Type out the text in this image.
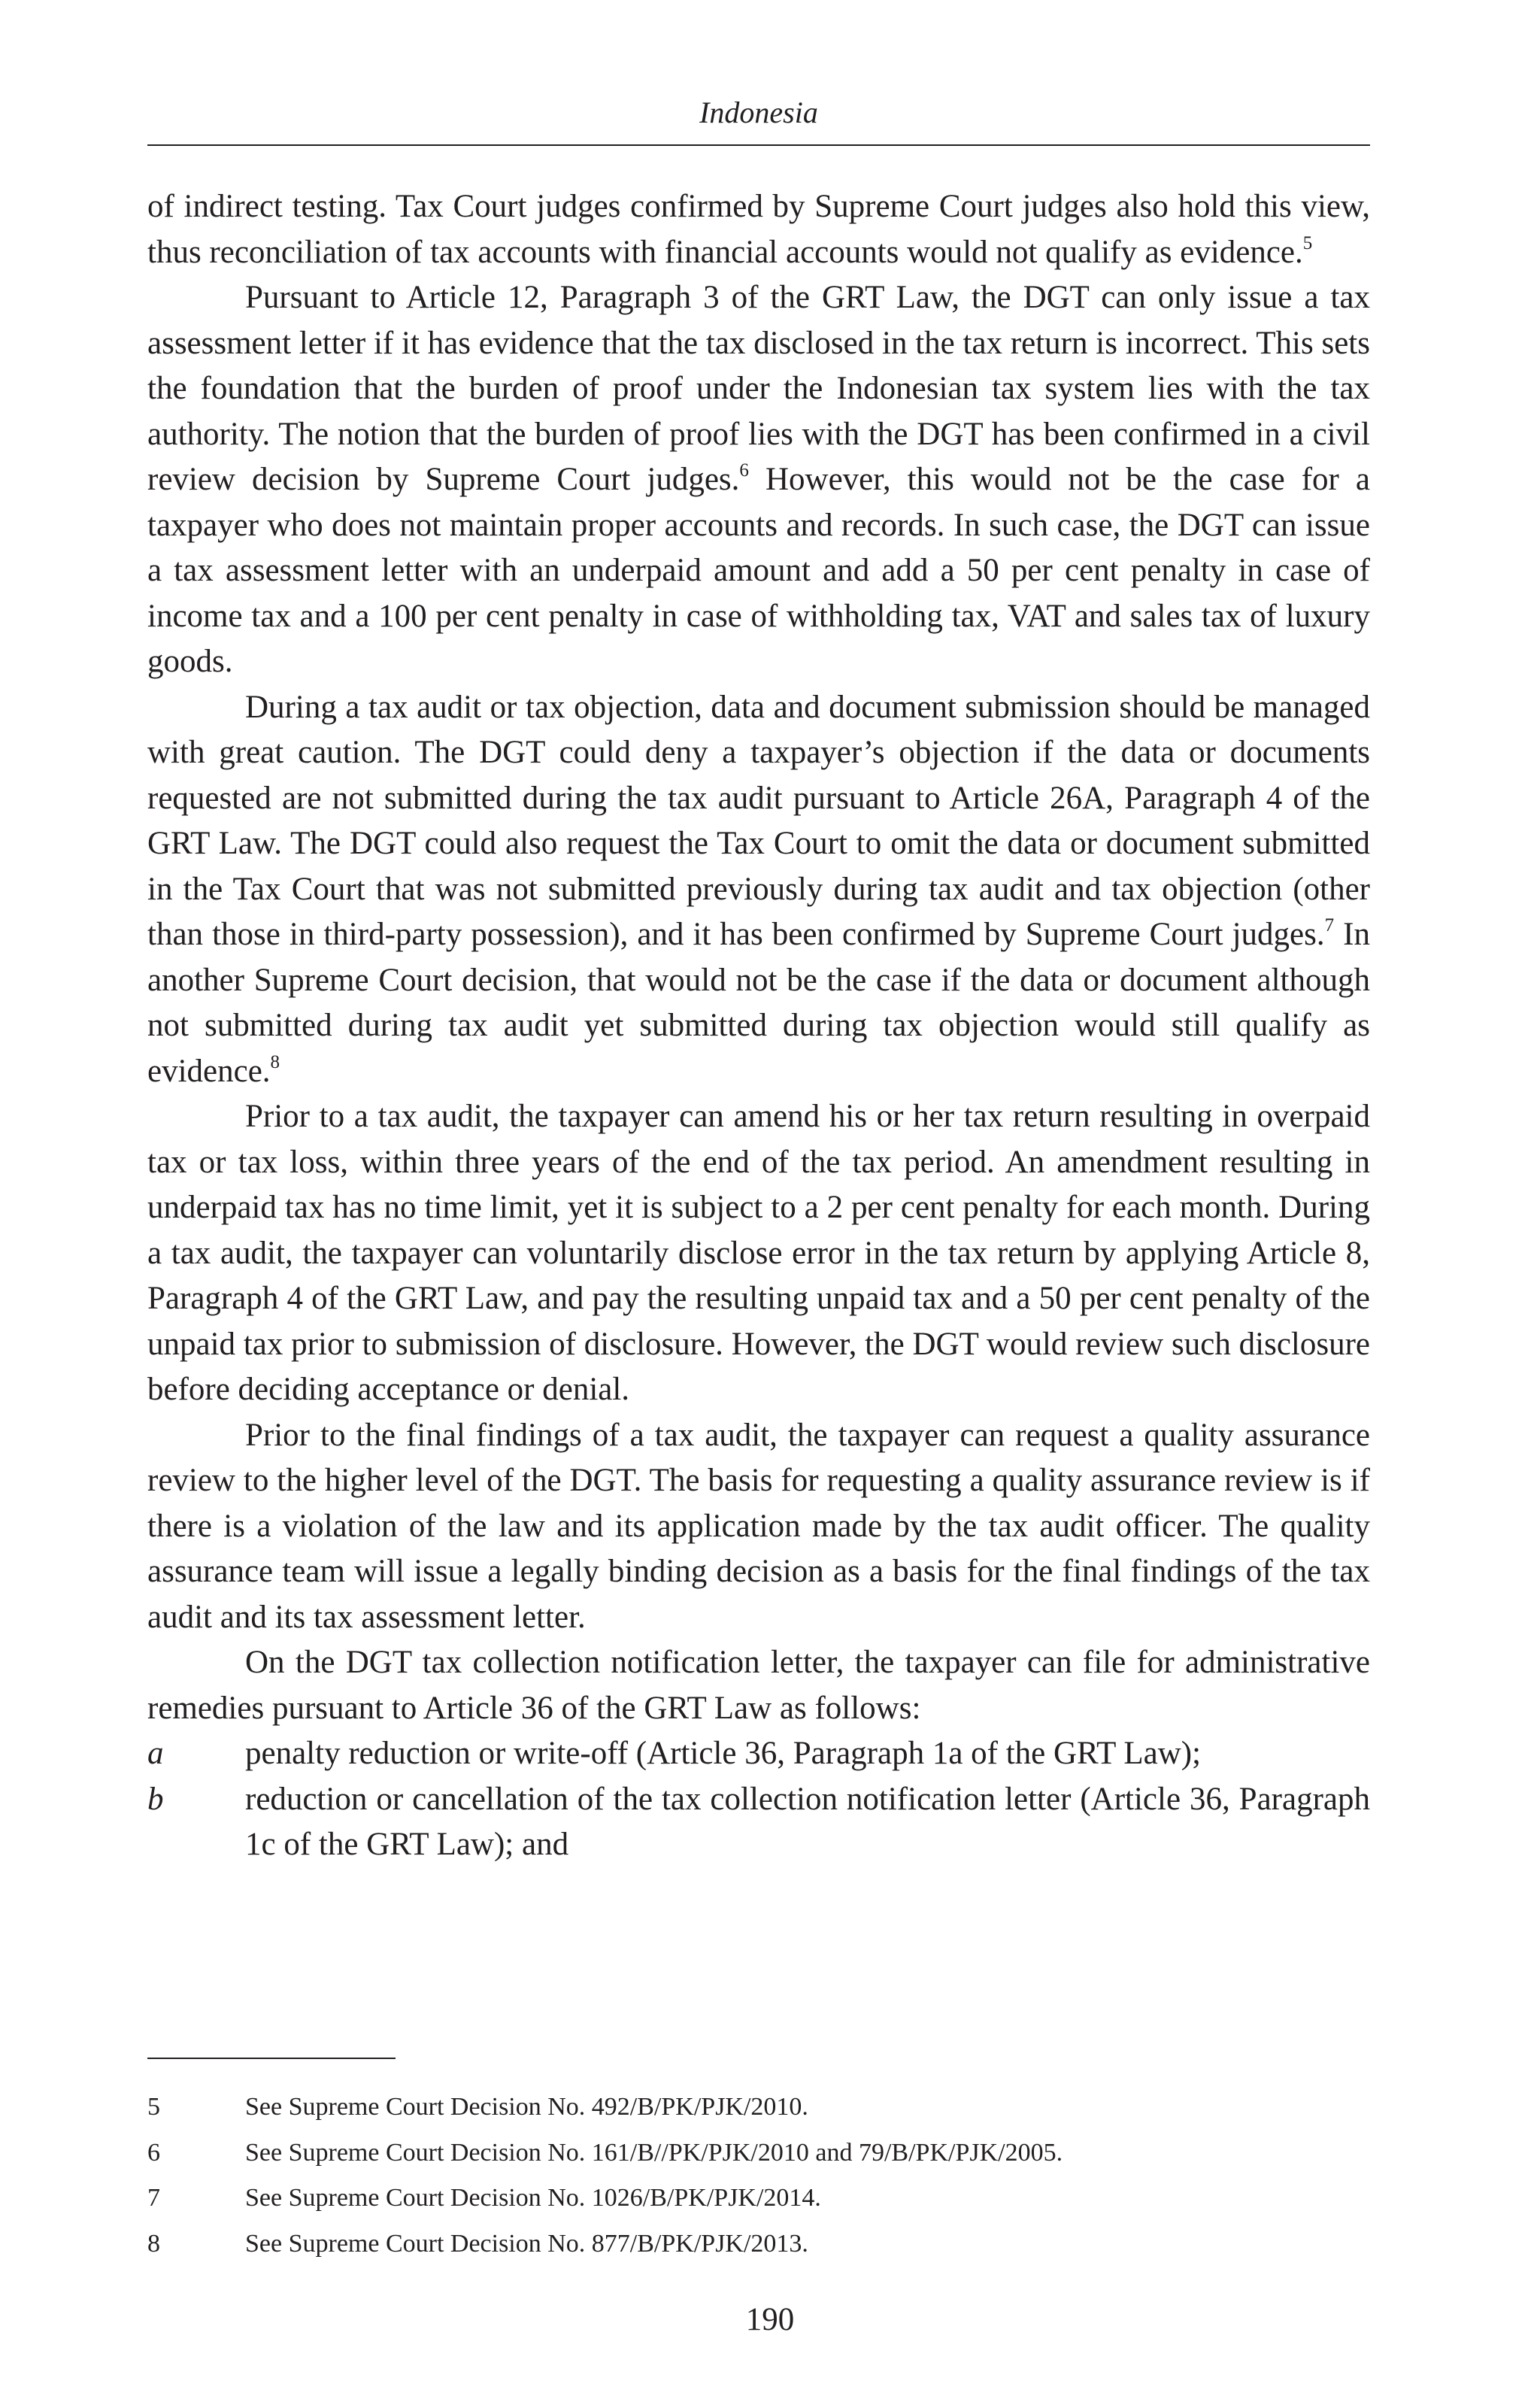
Indonesia

of indirect testing. Tax Court judges confirmed by Supreme Court judges also hold this view, thus reconciliation of tax accounts with financial accounts would not qualify as evidence.$^5$

Pursuant to Article 12, Paragraph 3 of the GRT Law, the DGT can only issue a tax assessment letter if it has evidence that the tax disclosed in the tax return is incorrect. This sets the foundation that the burden of proof under the Indonesian tax system lies with the tax authority. The notion that the burden of proof lies with the DGT has been confirmed in a civil review decision by Supreme Court judges.$^6$ However, this would not be the case for a taxpayer who does not maintain proper accounts and records. In such case, the DGT can issue a tax assessment letter with an underpaid amount and add a 50 per cent penalty in case of income tax and a 100 per cent penalty in case of withholding tax, VAT and sales tax of luxury goods.

During a tax audit or tax objection, data and document submission should be managed with great caution. The DGT could deny a taxpayer’s objection if the data or documents requested are not submitted during the tax audit pursuant to Article 26A, Paragraph 4 of the GRT Law. The DGT could also request the Tax Court to omit the data or document submitted in the Tax Court that was not submitted previously during tax audit and tax objection (other than those in third-party possession), and it has been confirmed by Supreme Court judges.$^7$ In another Supreme Court decision, that would not be the case if the data or document although not submitted during tax audit yet submitted during tax objection would still qualify as evidence.$^8$

Prior to a tax audit, the taxpayer can amend his or her tax return resulting in overpaid tax or tax loss, within three years of the end of the tax period. An amendment resulting in underpaid tax has no time limit, yet it is subject to a 2 per cent penalty for each month. During a tax audit, the taxpayer can voluntarily disclose error in the tax return by applying Article 8, Paragraph 4 of the GRT Law, and pay the resulting unpaid tax and a 50 per cent penalty of the unpaid tax prior to submission of disclosure. However, the DGT would review such disclosure before deciding acceptance or denial.

Prior to the final findings of a tax audit, the taxpayer can request a quality assurance review to the higher level of the DGT. The basis for requesting a quality assurance review is if there is a violation of the law and its application made by the tax audit officer. The quality assurance team will issue a legally binding decision as a basis for the final findings of the tax audit and its tax assessment letter.

On the DGT tax collection notification letter, the taxpayer can file for administrative remedies pursuant to Article 36 of the GRT Law as follows:

a	penalty reduction or write-off (Article 36, Paragraph 1a of the GRT Law);
b	reduction or cancellation of the tax collection notification letter (Article 36, Paragraph 1c of the GRT Law); and
5	See Supreme Court Decision No. 492/B/PK/PJK/2010.
6	See Supreme Court Decision No. 161/B//PK/PJK/2010 and 79/B/PK/PJK/2005.
7	See Supreme Court Decision No. 1026/B/PK/PJK/2014.
8	See Supreme Court Decision No. 877/B/PK/PJK/2013.
190
